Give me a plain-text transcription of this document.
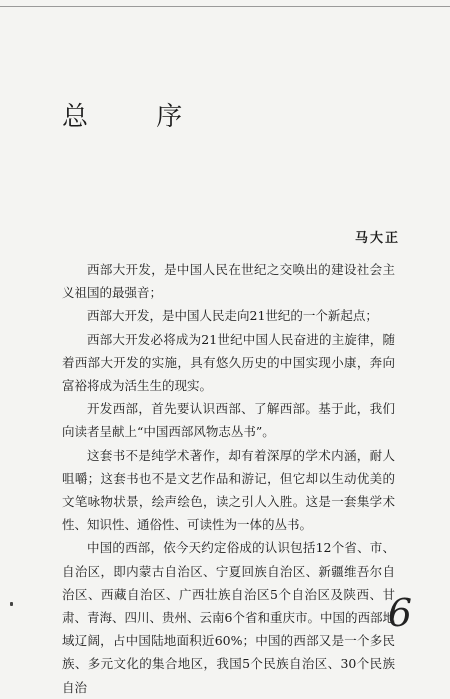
总 序
马大正

西部大开发，是中国人民在世纪之交唤出的建设社会主义祖国的最强音；

西部大开发，是中国人民走向21世纪的一个新起点；

西部大开发必将成为21世纪中国人民奋进的主旋律，随着西部大开发的实施，具有悠久历史的中国实现小康，奔向富裕将成为活生生的现实。

开发西部，首先要认识西部、了解西部。基于此，我们向读者呈献上“中国西部风物志丛书”。

这套书不是纯学术著作，却有着深厚的学术内涵，耐人咀嚼；这套书也不是文艺作品和游记，但它却以生动优美的文笔咏物状景，绘声绘色，读之引人入胜。这是一套集学术性、知识性、通俗性、可读性为一体的丛书。

中国的西部，依今天约定俗成的认识包括12个省、市、自治区，即内蒙古自治区、宁夏回族自治区、新疆维吾尔自治区、西藏自治区、广西壮族自治区5个自治区及陕西、甘肃、青海、四川、贵州、云南6个省和重庆市。中国的西部地域辽阔，占中国陆地面积近60%；中国的西部又是一个多民族、多元文化的集合地区，我国5个民族自治区、30个民族自治

6
